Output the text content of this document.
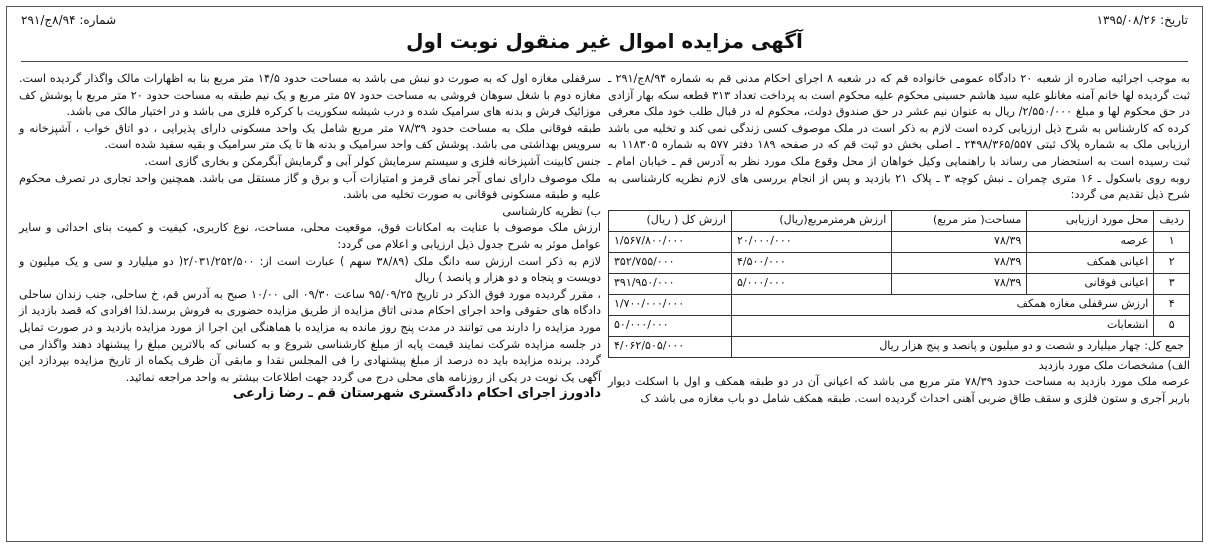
تاریخ: ۱۳۹۵/۰۸/۲۶
شماره: ۸/۹۴ج/۲۹۱
آگهی مزایده اموال غیر منقول نوبت اول

به موجب اجرائیه صادره از شعبه ۲۰ دادگاه عمومی خانواده قم که در شعبه ۸ اجرای احکام مدنی قم به شماره ۸/۹۴ج/۲۹۱ ـ ثبت گردیده لها خانم آمنه مغانلو علیه سید هاشم حسینی محکوم علیه محکوم است به پرداخت تعداد ۳۱۳ قطعه سکه بهار آزادی در حق محکوم لها و مبلغ ۲/۵۵۰/۰۰۰/ ریال به عنوان نیم عشر در حق صندوق دولت، محکوم له در قبال طلب خود ملک معرفی کرده که کارشناس به شرح ذیل ارزیابی کرده است لازم به ذکر است در ملک موصوف کسی زندگی نمی کند و تخلیه می باشد ارزیابی ملک به شماره پلاک ثبتی ۲۴۹۸/۳۶۵/۵۵۷ ـ اصلی بخش دو ثبت قم که در صفحه ۱۸۹ دفتر ۵۷۷ به شماره ۱۱۸۳۰۵ به ثبت رسیده است به استحضار می رساند با راهنمایی وکیل خواهان از محل وقوع ملک مورد نظر به آدرس قم ـ خیابان امام ـ روبه روی باسکول ـ ۱۶ متری چمران ـ نبش کوچه ۳ ـ پلاک ۲۱ بازدید و پس از انجام بررسی های لازم نظریه کارشناسی به شرح ذیل تقدیم می گردد:

ردیف	محل مورد ارزیابی	مساحت( متر مربع)	ارزش هرمترمربع(ریال)	ارزش کل ( ریال)
۱	عرصه	۷۸/۳۹	۲۰/۰۰۰/۰۰۰	۱/۵۶۷/۸۰۰/۰۰۰
۲	اعیانی همکف	۷۸/۳۹	۴/۵۰۰/۰۰۰	۳۵۲/۷۵۵/۰۰۰
۳	اعیانی فوقانی	۷۸/۳۹	۵/۰۰۰/۰۰۰	۳۹۱/۹۵۰/۰۰۰
۴	ارزش سرقفلی مغازه همکف			۱/۷۰۰/۰۰۰/۰۰۰
۵	انشعابات			۵۰/۰۰۰/۰۰۰
جمع کل: چهار میلیارد و شصت و دو میلیون و پانصد و پنج هزار ریال				۴/۰۶۲/۵۰۵/۰۰۰

الف) مشخصات ملک مورد بازدید

عرصه ملک مورد بازدید به مساحت حدود ۷۸/۳۹ متر مربع می باشد که اعیانی آن در دو طبقه همکف و اول با اسکلت دیوار باربر آجری و ستون فلزی و سقف طاق ضربی آهنی احداث گردیده است. طبقه همکف شامل دو باب مغازه می باشد ک

سرقفلی مغازه اول که به صورت دو نبش می باشد به مساحت حدود ۱۴/۵ متر مربع بنا به اظهارات مالک واگذار گردیده است. مغازه دوم با شغل سوهان فروشی به مساحت حدود ۵۷ متر مربع و یک نیم طبقه به مساحت حدود ۲۰ متر مربع با پوشش کف موزائیک فرش و بدنه های سرامیک شده و درب شیشه سکوریت با کرکره فلزی می باشد و در اختیار مالک می باشد.

طبقه فوقانی ملک به مساحت حدود ۷۸/۳۹ متر مربع شامل یک واحد مسکونی دارای پذیرایی ، دو اتاق خواب ، آشپزخانه و سرویس بهداشتی می باشد. پوشش کف واحد سرامیک و بدنه ها تا یک متر سرامیک و بقیه سفید شده است.

جنس کابینت آشپزخانه فلزی و سیستم سرمایش کولر آبی و گرمایش آبگرمکن و بخاری گازی است.

ملک موصوف دارای نمای آجر نمای قرمز و امتیازات آب و برق و گاز مستقل می باشد. همچنین واحد تجاری در تصرف محکوم علیه و طبقه مسکونی فوقانی به صورت تخلیه می باشد.

ب) نظریه کارشناسی

ارزش ملک موصوف با عنایت به امکانات فوق، موقعیت محلی، مساحت، نوع کاربری، کیفیت و کمیت بنای احداثی و سایر عوامل موثر به شرح جدول ذیل ارزیابی و اعلام می گردد:

لازم به ذکر است ارزش سه دانگ ملک (۳۸/۸۹ سهم ) عبارت است از: ۲/۰۳۱/۲۵۲/۵۰۰( دو میلیارد و سی و یک میلیون و دویست و پنجاه و دو هزار و پانصد ) ریال

، مقرر گردیده مورد فوق الذکر در تاریخ ۹۵/۰۹/۲۵ ساعت ۰۹/۳۰ الی ۱۰/۰۰ صبح به آدرس قم، خ ساحلی، جنب زندان ساحلی دادگاه های حقوقی واحد اجرای احکام مدنی اتاق مزایده از طریق مزایده حضوری به فروش برسد.لذا افرادی که قصد بازدید از مورد مزایده را دارند می توانند در مدت پنج روز مانده به مزایده با هماهنگی این اجرا از مورد مزایده بازدید و در صورت تمایل در جلسه مزایده شرکت نمایند قیمت پایه از مبلغ کارشناسی شروع و به کسانی که بالاترین مبلغ را پیشنهاد دهند واگذار می گردد. برنده مزایده باید ده درصد از مبلغ پیشنهادی را فی المجلس نقدا و مابقی آن ظرف یکماه از تاریخ مزایده بپردازد این آگهی یک نوبت در یکی از روزنامه های محلی درج می گردد جهت اطلاعات بیشتر به واحد مراجعه نمائید.

دادورز اجرای احکام دادگستری شهرستان قم ـ رضا زارعی
